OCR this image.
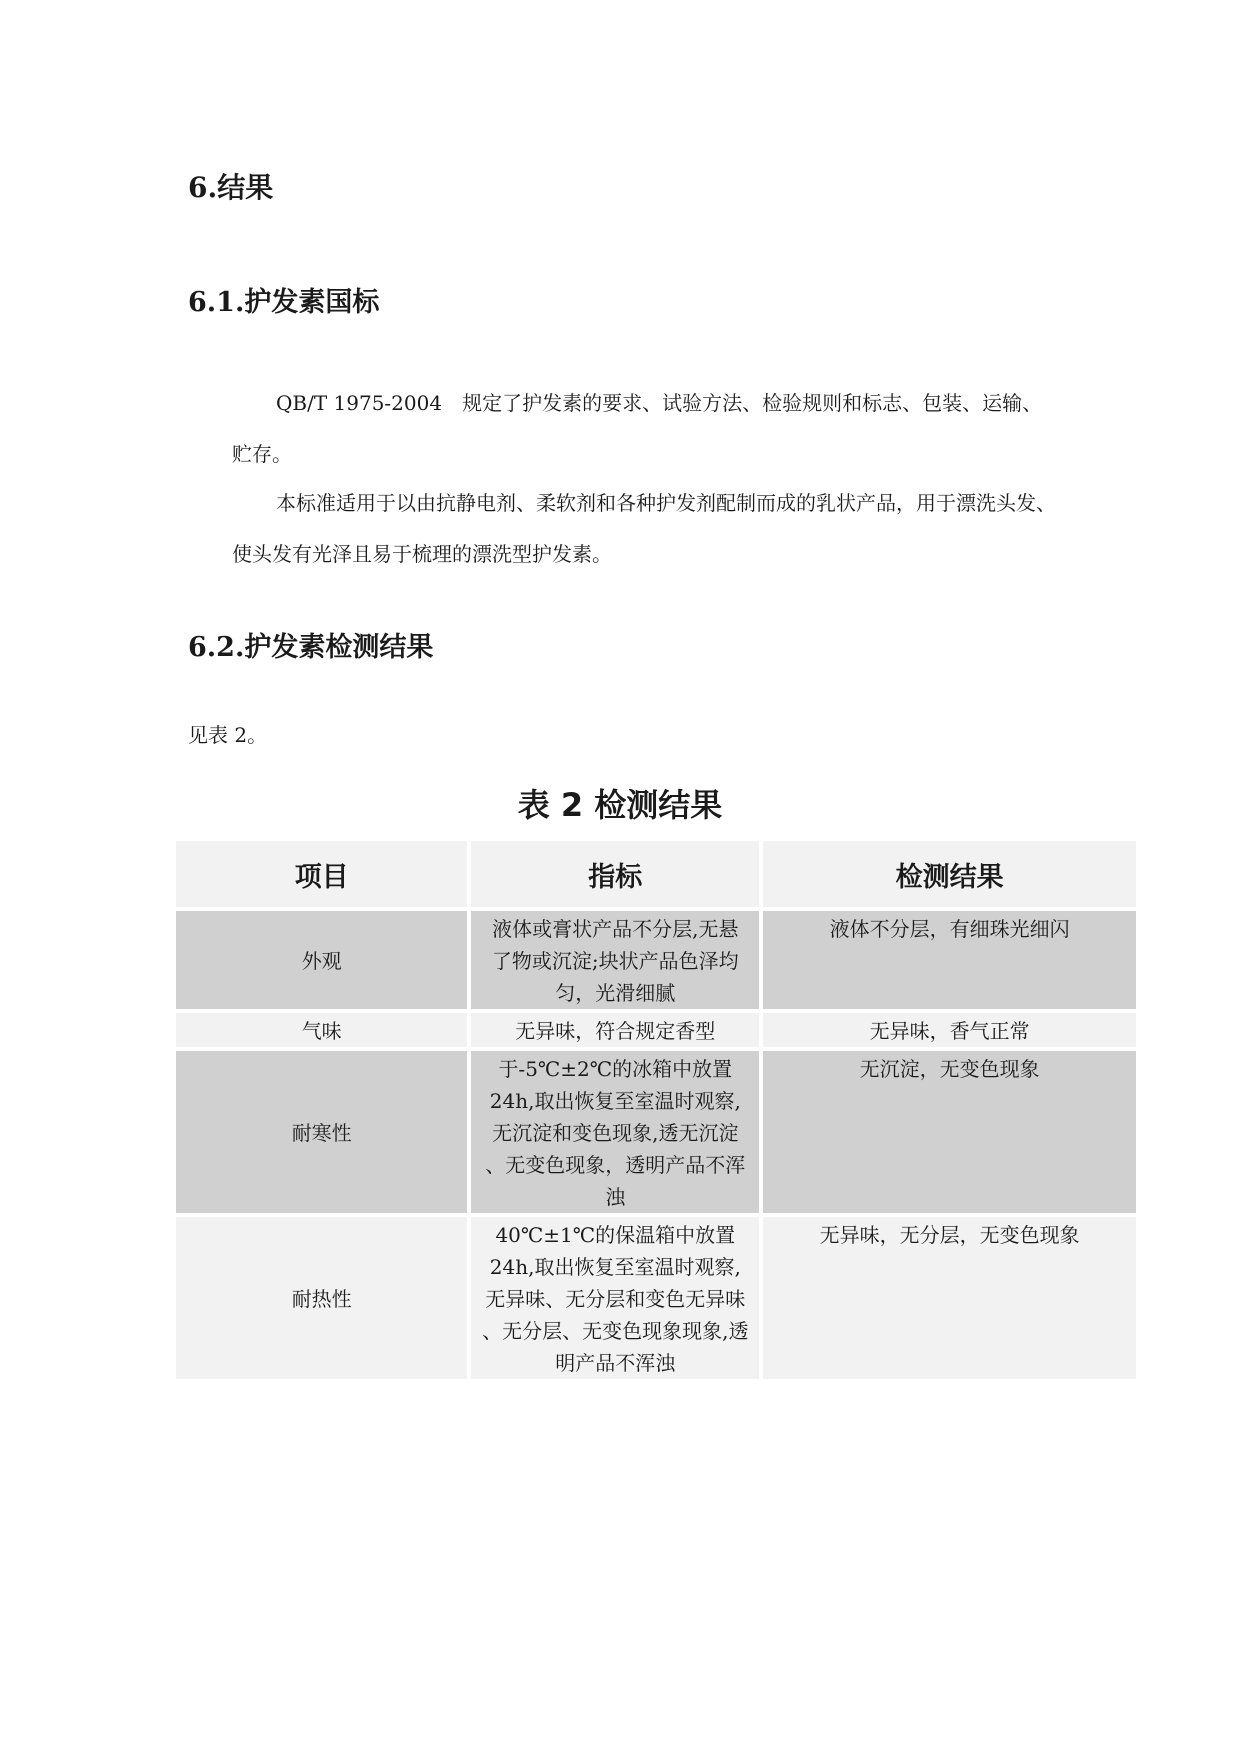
6.结果
6.1.护发素国标

QB/T 1975-2004　规定了护发素的要求、试验方法、检验规则和标志、包装、运输、贮存。

本标准适用于以由抗静电剂、柔软剂和各种护发剂配制而成的乳状产品，用于漂洗头发、使头发有光泽且易于梳理的漂洗型护发素。

6.2.护发素检测结果

见表 2。

表 2 检测结果
项目	指标	检测结果
外观	液体或膏状产品不分层,无悬了物或沉淀;块状产品色泽均匀，光滑细腻	液体不分层，有细珠光细闪
气味	无异味，符合规定香型	无异味，香气正常
耐寒性	于-5℃±2℃的冰箱中放置24h,取出恢复至室温时观察,无沉淀和变色现象,透无沉淀 、无变色现象，透明产品不浑浊	无沉淀，无变色现象
耐热性	40℃±1℃的保温箱中放置24h,取出恢复至室温时观察,无异味、无分层和变色无异味 、无分层、无变色现象现象,透明产品不浑浊	无异味，无分层，无变色现象
